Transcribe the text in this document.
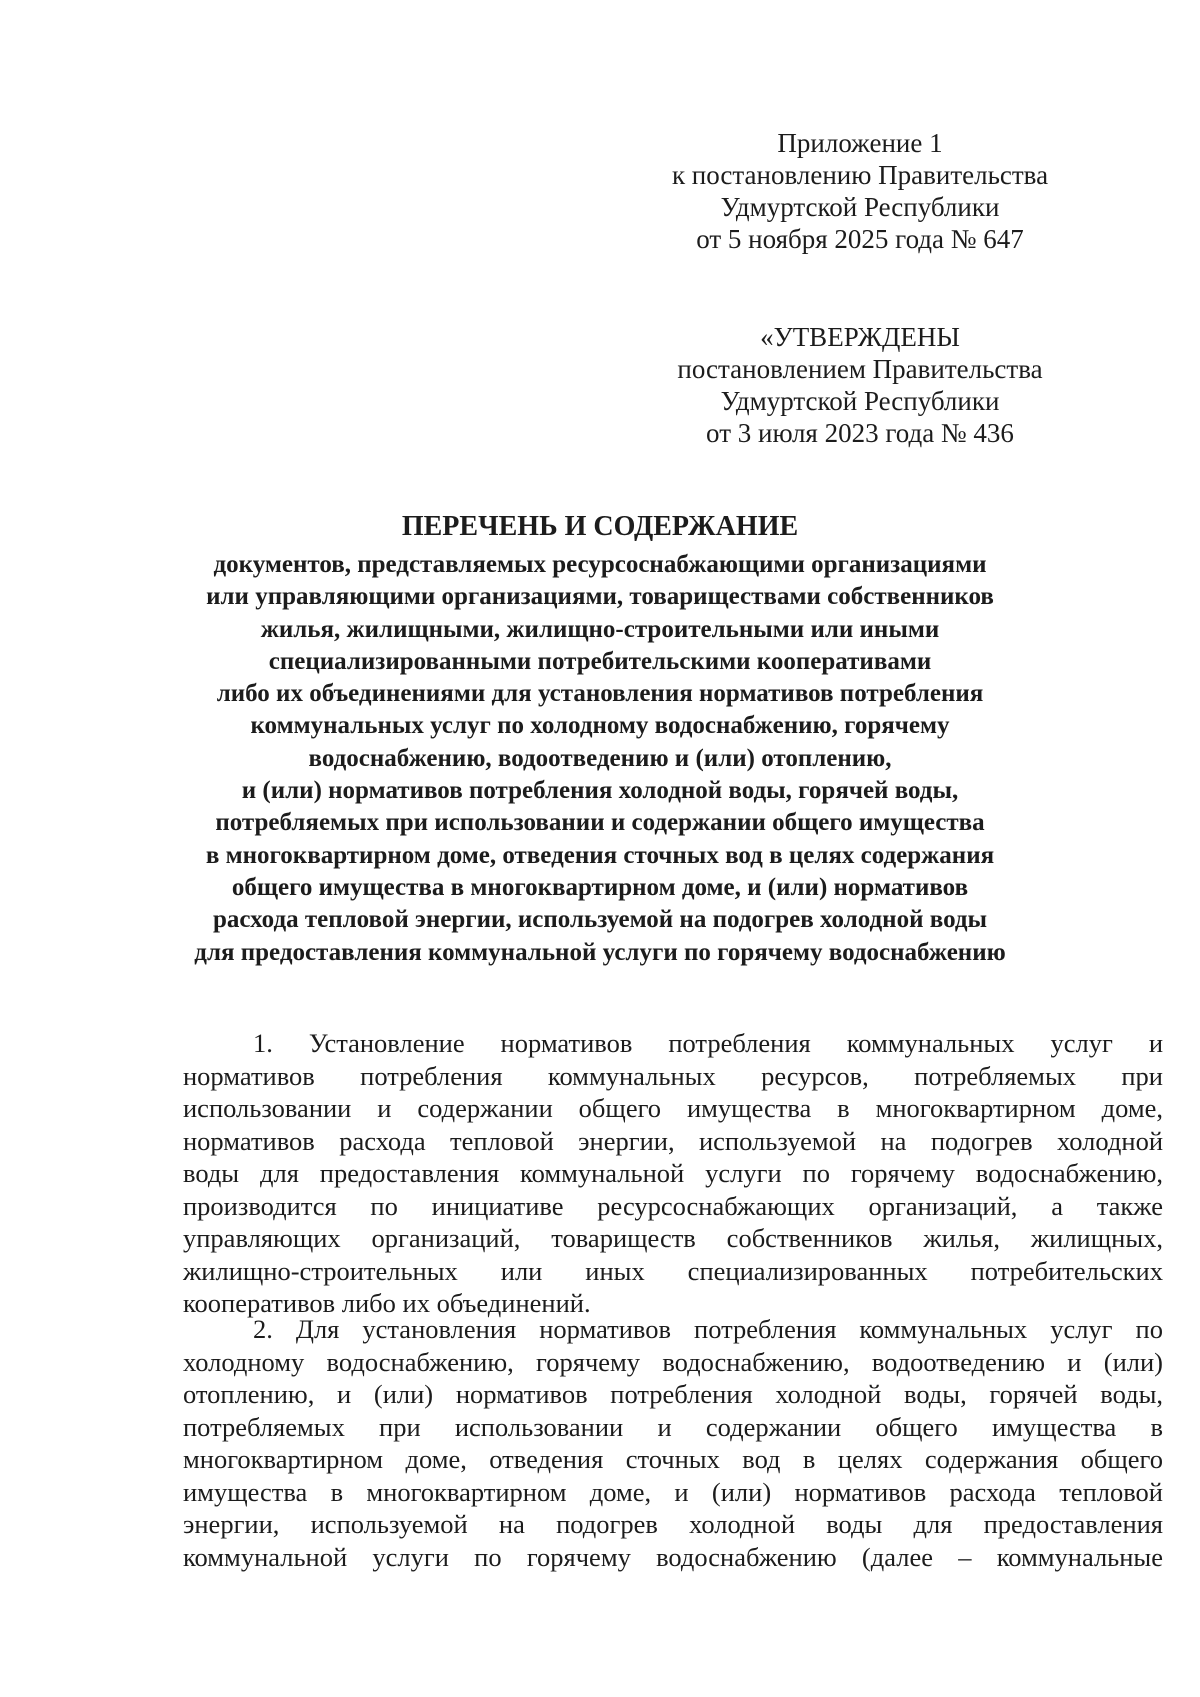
Приложение 1
к постановлению Правительства
Удмуртской Республики
от 5 ноября 2025 года № 647
«УТВЕРЖДЕНЫ
постановлением Правительства
Удмуртской Республики
от 3 июля 2023 года № 436
ПЕРЕЧЕНЬ И СОДЕРЖАНИЕ
документов, представляемых ресурсоснабжающими организациями
или управляющими организациями, товариществами собственников
жилья, жилищными, жилищно-строительными или иными
специализированными потребительскими кооперативами
либо их объединениями для установления нормативов потребления
коммунальных услуг по холодному водоснабжению, горячему
водоснабжению, водоотведению и (или) отоплению,
и (или) нормативов потребления холодной воды, горячей воды,
потребляемых при использовании и содержании общего имущества
в многоквартирном доме, отведения сточных вод в целях содержания
общего имущества в многоквартирном доме, и (или) нормативов
расхода тепловой энергии, используемой на подогрев холодной воды
для предоставления коммунальной услуги по горячему водоснабжению
1. Установление нормативов потребления коммунальных услуг и
нормативов потребления коммунальных ресурсов, потребляемых при
использовании и содержании общего имущества в многоквартирном доме,
нормативов расхода тепловой энергии, используемой на подогрев холодной
воды для предоставления коммунальной услуги по горячему водоснабжению,
производится по инициативе ресурсоснабжающих организаций, а также
управляющих организаций, товариществ собственников жилья, жилищных,
жилищно-строительных или иных специализированных потребительских
кооперативов либо их объединений.
2. Для установления нормативов потребления коммунальных услуг по
холодному водоснабжению, горячему водоснабжению, водоотведению и (или)
отоплению, и (или) нормативов потребления холодной воды, горячей воды,
потребляемых при использовании и содержании общего имущества в
многоквартирном доме, отведения сточных вод в целях содержания общего
имущества в многоквартирном доме, и (или) нормативов расхода тепловой
энергии, используемой на подогрев холодной воды для предоставления
коммунальной услуги по горячему водоснабжению (далее – коммунальные
